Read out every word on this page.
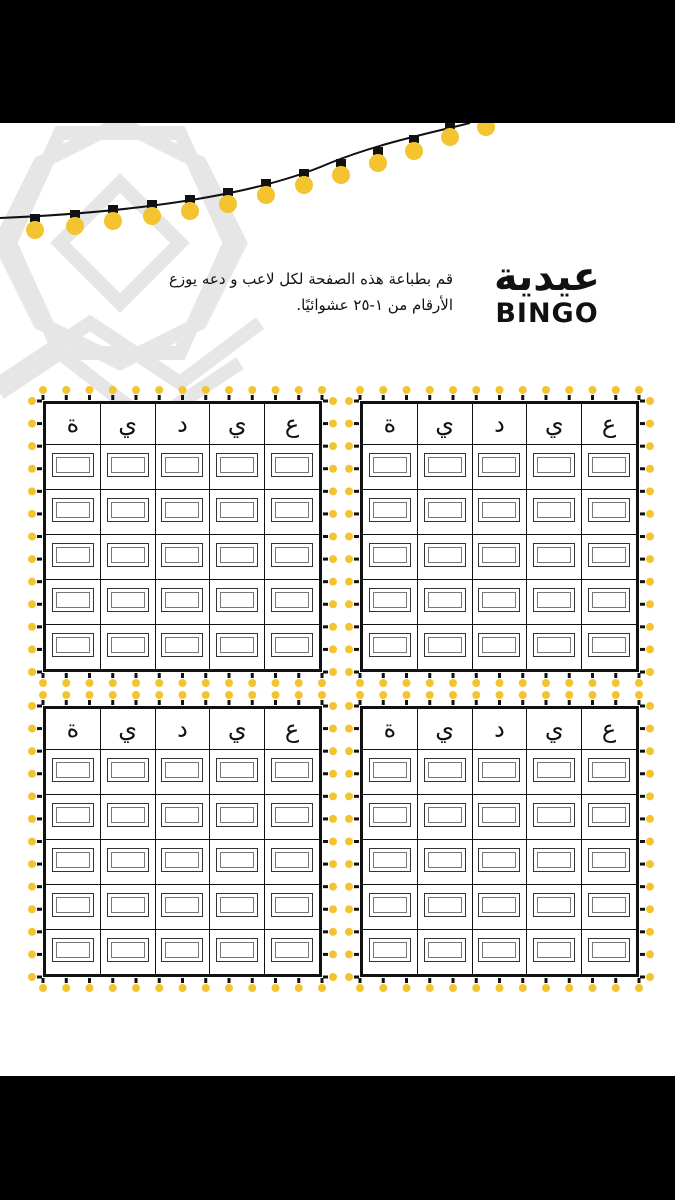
عيدية
BINGO
قم بطباعة هذه الصفحة لكل لاعب و دعه يوزع
الأرقام من ١-٢٥ عشوائيًا.
ة	ي	د	ي	ع

ة	ي	د	ي	ع

ة	ي	د	ي	ع

ة	ي	د	ي	ع
